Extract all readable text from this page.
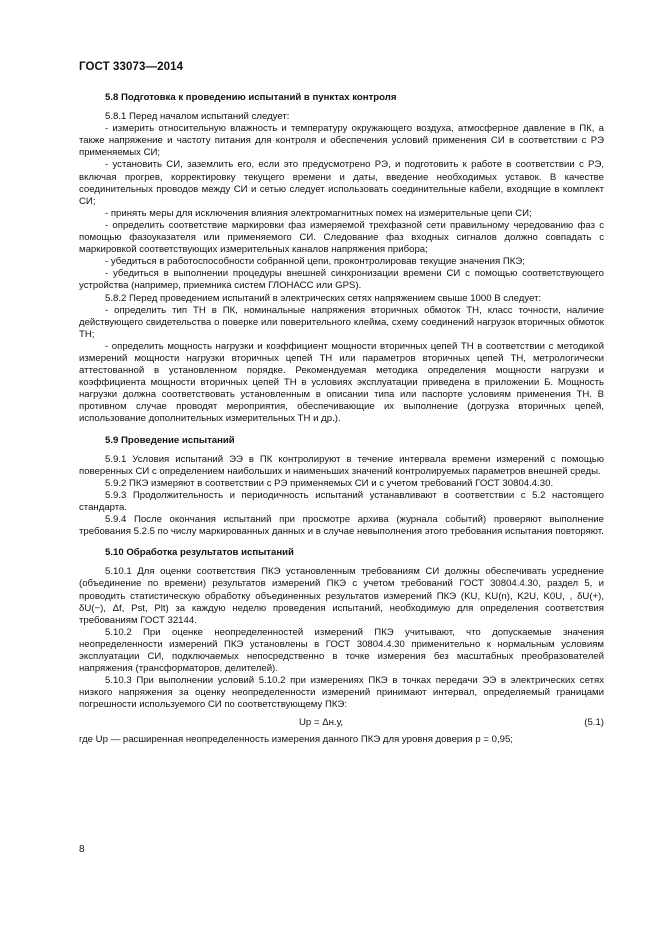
ГОСТ 33073—2014

5.8 Подготовка к проведению испытаний в пунктах контроля

5.8.1 Перед началом испытаний следует:

- измерить относительную влажность и температуру окружающего воздуха, атмосферное давление в ПК, а также напряжение и частоту питания для контроля и обеспечения условий применения СИ в соответствии с РЭ применяемых СИ;

- установить СИ, заземлить его, если это предусмотрено РЭ, и подготовить к работе в соответствии с РЭ, включая прогрев, корректировку текущего времени и даты, введение необходимых уставок. В качестве соединительных проводов между СИ и сетью следует использовать соединительные кабели, входящие в комплект СИ;

- принять меры для исключения влияния электромагнитных помех на измерительные цепи СИ;

- определить соответствие маркировки фаз измеряемой трехфазной сети правильному чередованию фаз с помощью фазоуказателя или применяемого СИ. Следование фаз входных сигналов должно совпадать с маркировкой соответствующих измерительных каналов напряжения прибора;

- убедиться в работоспособности собранной цепи, проконтролировав текущие значения ПКЭ;

- убедиться в выполнении процедуры внешней синхронизации времени СИ с помощью соответствующего устройства (например, приемника систем ГЛОНАСС или GPS).

5.8.2 Перед проведением испытаний в электрических сетях напряжением свыше 1000 В следует:

- определить тип ТН в ПК, номинальные напряжения вторичных обмоток ТН, класс точности, наличие действующего свидетельства о поверке или поверительного клейма, схему соединений нагрузок вторичных обмоток ТН;

- определить мощность нагрузки и коэффициент мощности вторичных цепей ТН в соответствии с методикой измерений мощности нагрузки вторичных цепей ТН или параметров вторичных цепей ТН, метрологически аттестованной в установленном порядке. Рекомендуемая методика определения мощности нагрузки и коэффициента мощности вторичных цепей ТН в условиях эксплуатации приведена в приложении Б. Мощность нагрузки должна соответствовать установленным в описании типа или паспорте условиям применения ТН. В противном случае проводят мероприятия, обеспечивающие их выполнение (догрузка вторичных цепей, использование дополнительных измерительных ТН и др.).

5.9 Проведение испытаний

5.9.1 Условия испытаний ЭЭ в ПК контролируют в течение интервала времени измерений с помощью поверенных СИ с определением наибольших и наименьших значений контролируемых параметров внешней среды.

5.9.2 ПКЭ измеряют в соответствии с РЭ применяемых СИ и с учетом требований ГОСТ 30804.4.30.

5.9.3 Продолжительность и периодичность испытаний устанавливают в соответствии с 5.2 настоящего стандарта.

5.9.4 После окончания испытаний при просмотре архива (журнала событий) проверяют выполнение требования 5.2.5 по числу маркированных данных и в случае невыполнения этого требования испытания повторяют.

5.10 Обработка результатов испытаний

5.10.1 Для оценки соответствия ПКЭ установленным требованиям СИ должны обеспечивать усреднение (объединение по времени) результатов измерений ПКЭ с учетом требований ГОСТ 30804.4.30, раздел 5, и проводить статистическую обработку объединенных результатов измерений ПКЭ (KU, KU(n), K2U, K0U, , δU(+), δU(−), Δf, Pst, Plt) за каждую неделю проведения испытаний, необходимую для определения соответствия требованиям ГОСТ 32144.

5.10.2 При оценке неопределенностей измерений ПКЭ учитывают, что допускаемые значения неопределенности измерений ПКЭ установлены в ГОСТ 30804.4.30 применительно к нормальным условиям эксплуатации СИ, подключаемых непосредственно в точке измерения без масштабных преобразователей напряжения (трансформаторов, делителей).

5.10.3 При выполнении условий 5.10.2 при измерениях ПКЭ в точках передачи ЭЭ в электрических сетях низкого напряжения за оценку неопределенности измерений принимают интервал, определяемый границами погрешности используемого СИ по соответствующему ПКЭ:

Uр = Δн.у,	(5.1)

где Uр — расширенная неопределенность измерения данного ПКЭ для уровня доверия p = 0,95;

8
